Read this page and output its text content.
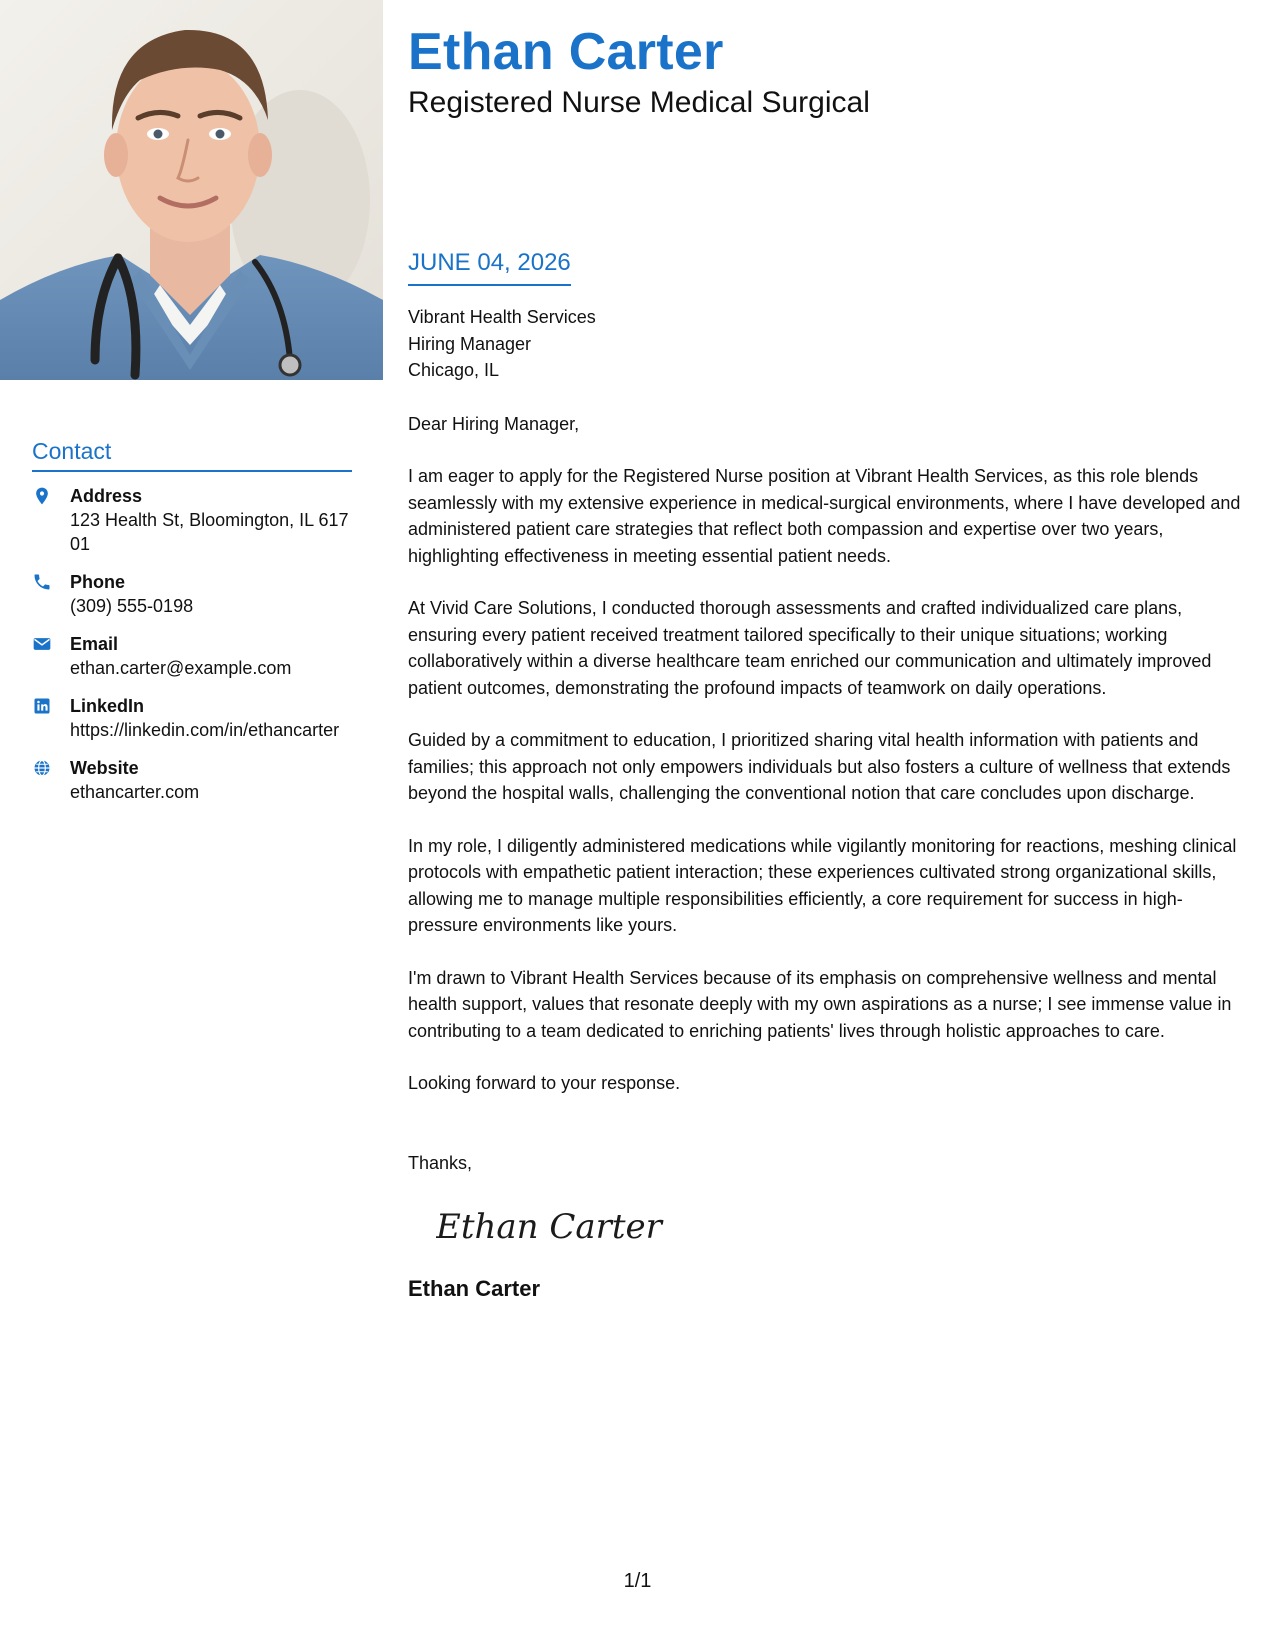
Ethan Carter
Registered Nurse Medical Surgical
Contact
Address
123 Health St, Bloomington, IL 61701
Phone
(309) 555-0198
Email
ethan.carter@example.com
LinkedIn
https://linkedin.com/in/ethancarter
Website
ethancarter.com
JUNE 04, 2026
Vibrant Health Services
Hiring Manager
Chicago, IL
Dear Hiring Manager,
I am eager to apply for the Registered Nurse position at Vibrant Health Services, as this role blends seamlessly with my extensive experience in medical-surgical environments, where I have developed and administered patient care strategies that reflect both compassion and expertise over two years, highlighting effectiveness in meeting essential patient needs.
At Vivid Care Solutions, I conducted thorough assessments and crafted individualized care plans, ensuring every patient received treatment tailored specifically to their unique situations; working collaboratively within a diverse healthcare team enriched our communication and ultimately improved patient outcomes, demonstrating the profound impacts of teamwork on daily operations.
Guided by a commitment to education, I prioritized sharing vital health information with patients and families; this approach not only empowers individuals but also fosters a culture of wellness that extends beyond the hospital walls, challenging the conventional notion that care concludes upon discharge.
In my role, I diligently administered medications while vigilantly monitoring for reactions, meshing clinical protocols with empathetic patient interaction; these experiences cultivated strong organizational skills, allowing me to manage multiple responsibilities efficiently, a core requirement for success in high-pressure environments like yours.
I'm drawn to Vibrant Health Services because of its emphasis on comprehensive wellness and mental health support, values that resonate deeply with my own aspirations as a nurse; I see immense value in contributing to a team dedicated to enriching patients' lives through holistic approaches to care.
Looking forward to your response.
Thanks,
Ethan Carter
Ethan Carter
1/1
